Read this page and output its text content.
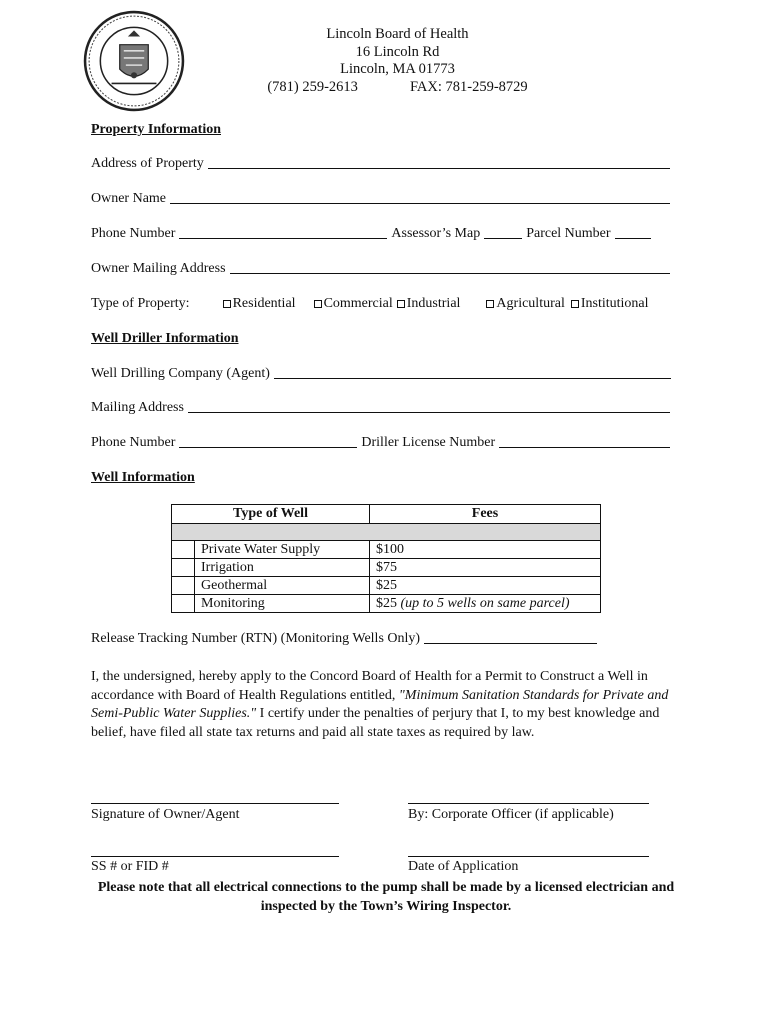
Lincoln Board of Health
16 Lincoln Rd
Lincoln, MA 01773
(781) 259-2613	FAX: 781-259-8729
Property Information
Address of Property
Owner Name
Phone Number	Assessor’s Map	Parcel Number
Owner Mailing Address
Type of Property:	Residential Commercial Industrial	Agricultural Institutional
Well Driller Information
Well Drilling Company (Agent)
Mailing Address
Phone Number	Driller License Number
Well Information
Type of Well		Fees

	Private Water Supply	$100
	Irrigation	$75
	Geothermal	$25
	Monitoring	$25 (up to 5 wells on same parcel)
Release Tracking Number (RTN) (Monitoring Wells Only)
I, the undersigned, hereby apply to the Concord Board of Health for a Permit to Construct a Well in accordance with Board of Health Regulations entitled, "Minimum Sanitation Standards for Private and Semi-Public Water Supplies." I certify under the penalties of perjury that I, to my best knowledge and belief, have filed all state tax returns and paid all state taxes as required by law.
Signature of Owner/Agent	By: Corporate Officer (if applicable)
SS # or FID #	Date of Application
Please note that all electrical connections to the pump shall be made by a licensed electrician and inspected by the Town’s Wiring Inspector.
